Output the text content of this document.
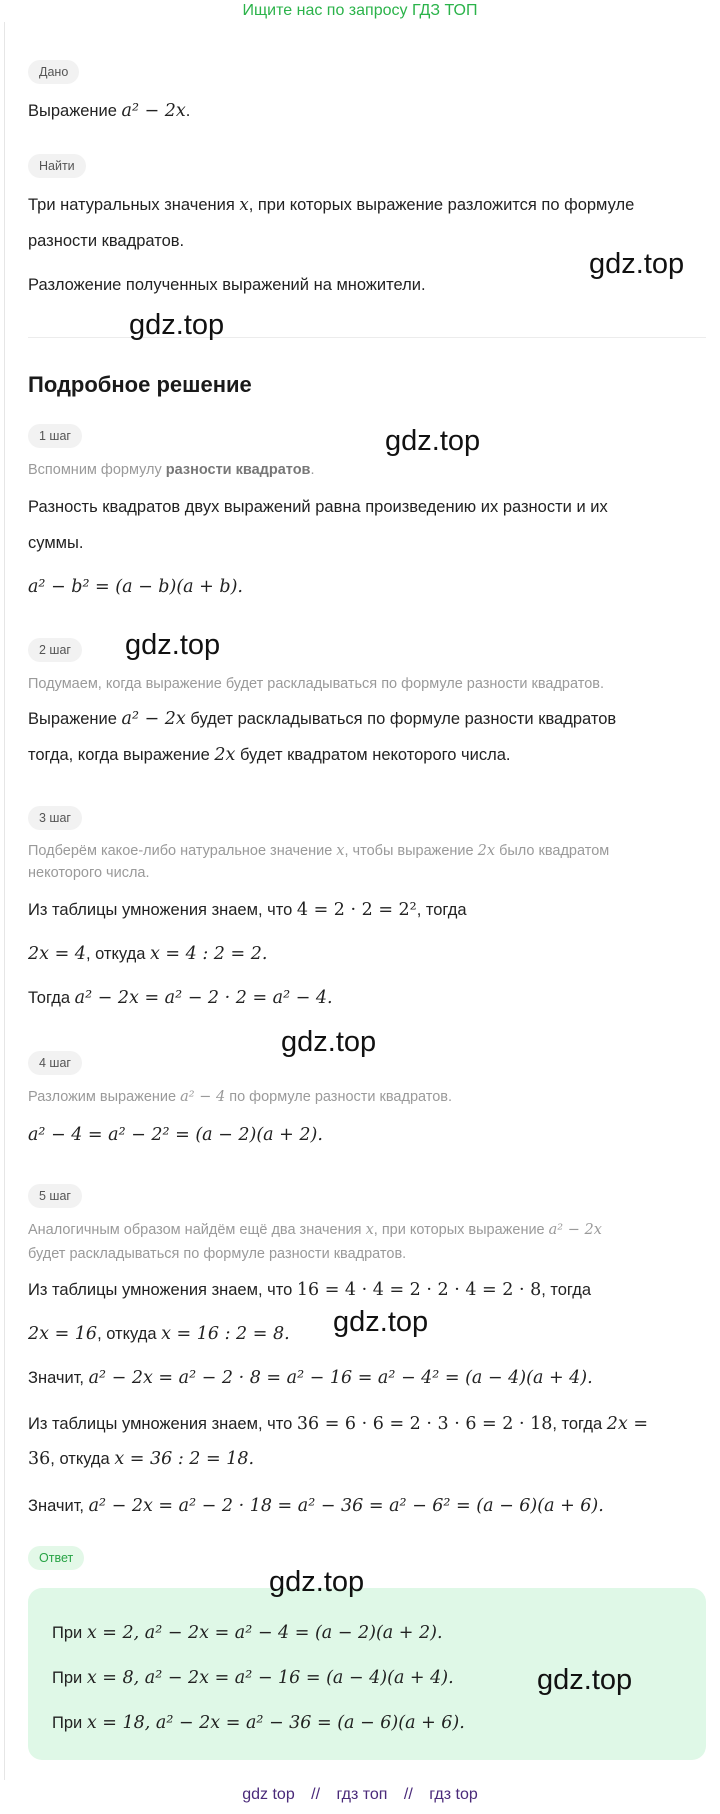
Ищите нас по запросу ГДЗ ТОП
Дано
Выражение a² − 2x.
Найти
Три натуральных значения x, при которых выражение разложится по формуле
разности квадратов.
Разложение полученных выражений на множители.
Подробное решение
1 шаг
Вспомним формулу разности квадратов.
Разность квадратов двух выражений равна произведению их разности и их
суммы.
a² − b² = (a − b)(a + b).
2 шаг
Подумаем, когда выражение будет раскладываться по формуле разности квадратов.
Выражение a² − 2x будет раскладываться по формуле разности квадратов
тогда, когда выражение 2x будет квадратом некоторого числа.
3 шаг
Подберём какое-либо натуральное значение x, чтобы выражение 2x было квадратом
некоторого числа.
Из таблицы умножения знаем, что 4 = 2 · 2 = 2², тогда
2x = 4, откуда x = 4 : 2 = 2.
Тогда a² − 2x = a² − 2 · 2 = a² − 4.
4 шаг
Разложим выражение a² − 4 по формуле разности квадратов.
a² − 4 = a² − 2² = (a − 2)(a + 2).
5 шаг
Аналогичным образом найдём ещё два значения x, при которых выражение a² − 2x
будет раскладываться по формуле разности квадратов.
Из таблицы умножения знаем, что 16 = 4 · 4 = 2 · 2 · 4 = 2 · 8, тогда
2x = 16, откуда x = 16 : 2 = 8.
Значит, a² − 2x = a² − 2 · 8 = a² − 16 = a² − 4² = (a − 4)(a + 4).
Из таблицы умножения знаем, что 36 = 6 · 6 = 2 · 3 · 6 = 2 · 18, тогда 2x =
36, откуда x = 36 : 2 = 18.
Значит, a² − 2x = a² − 2 · 18 = a² − 36 = a² − 6² = (a − 6)(a + 6).
Ответ
При x = 2, a² − 2x = a² − 4 = (a − 2)(a + 2).
При x = 8, a² − 2x = a² − 16 = (a − 4)(a + 4).
При x = 18, a² − 2x = a² − 36 = (a − 6)(a + 6).
gdz.top
gdz.top
gdz.top
gdz.top
gdz.top
gdz.top
gdz.top
gdz.top
gdz top // гдз топ // гдз top
